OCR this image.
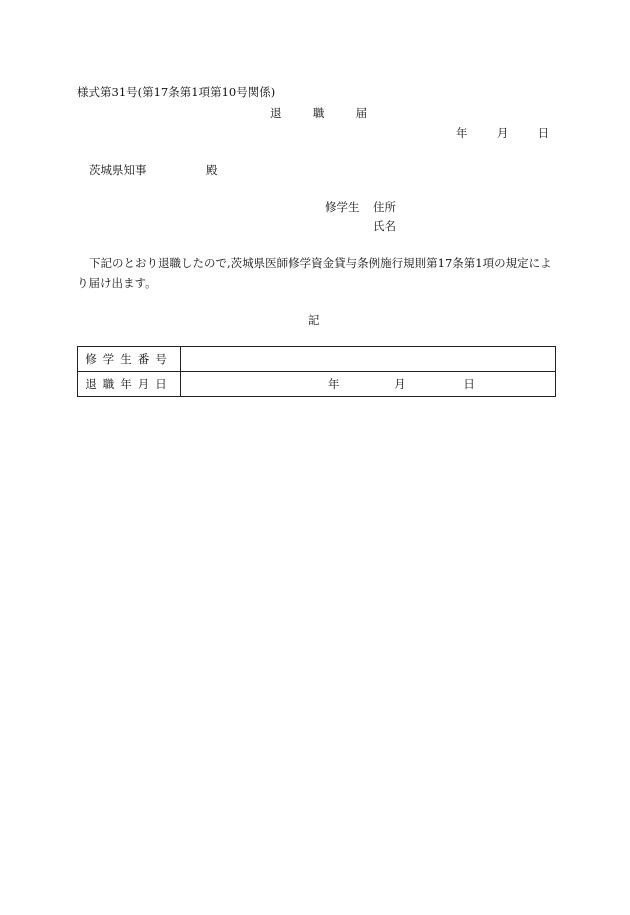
様式第31号(第17条第1項第10号関係)
退	職	届
年	月	日
茨城県知事	殿
修学生 住所
氏名
下記のとおり退職したので,茨城県医師修学資金貸与条例施行規則第17条第1項の規定により届け出ます。
記
修学生番号	
退職年月日	年 月 日
